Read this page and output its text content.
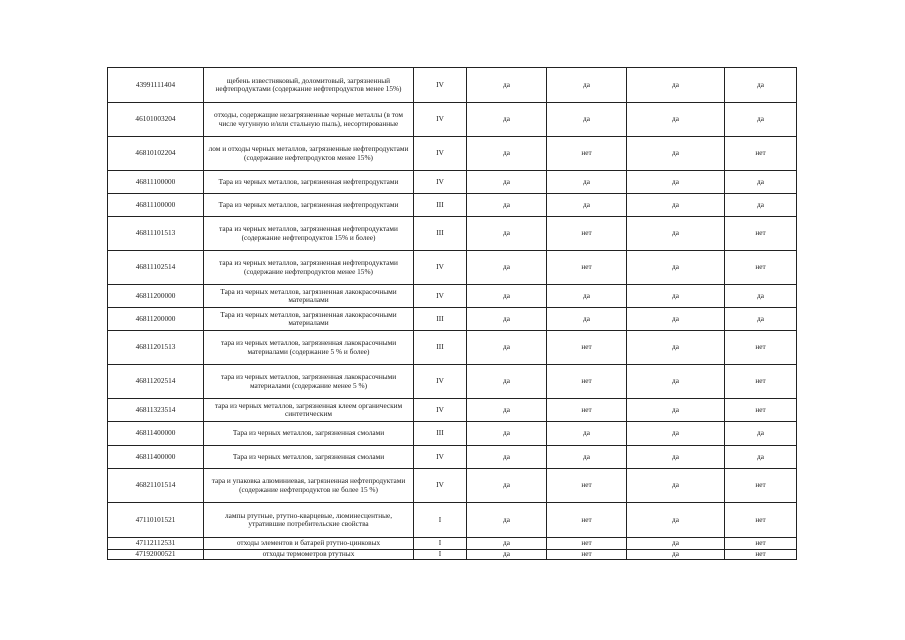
43991111404	щебень известняковый, доломитовый, загрязненный нефтепродуктами (содержание нефтепродуктов менее 15%)	IV	да	да	да	да
46101003204	отходы, содержащие незагрязненные черные металлы (в том числе чугунную и/или стальную пыль), несортированные	IV	да	да	да	да
46810102204	лом и отходы черных металлов, загрязненные нефтепродуктами (содержание нефтепродуктов менее 15%)	IV	да	нет	да	нет
46811100000	Тара из черных металлов, загрязненная нефтепродуктами	IV	да	да	да	да
46811100000	Тара из черных металлов, загрязненная нефтепродуктами	III	да	да	да	да
46811101513	тара из черных металлов, загрязненная нефтепродуктами (содержание нефтепродуктов 15% и более)	III	да	нет	да	нет
46811102514	тара из черных металлов, загрязненная нефтепродуктами (содержание нефтепродуктов менее 15%)	IV	да	нет	да	нет
46811200000	Тара из черных металлов, загрязненная лакокрасочными материалами	IV	да	да	да	да
46811200000	Тара из черных металлов, загрязненная лакокрасочными материалами	III	да	да	да	да
46811201513	тара из черных металлов, загрязненная лакокрасочными материалами (содержание 5 % и более)	III	да	нет	да	нет
46811202514	тара из черных металлов, загрязненная лакокрасочными материалами (содержание менее 5 %)	IV	да	нет	да	нет
46811323514	тара из черных металлов, загрязненная клеем органическим синтетическим	IV	да	нет	да	нет
46811400000	Тара из черных металлов, загрязненная смолами	III	да	да	да	да
46811400000	Тара из черных металлов, загрязненная смолами	IV	да	да	да	да
46821101514	тара и упаковка алюминиевая, загрязненная нефтепродуктами (содержание нефтепродуктов не более 15 %)	IV	да	нет	да	нет
47110101521	лампы ртутные, ртутно-кварцевые, люминесцентные, утратившие потребительские свойства	I	да	нет	да	нет
47112112531	отходы элементов и батарей ртутно-цинковых	I	да	нет	да	нет
47192000521	отходы термометров ртутных	I	да	нет	да	нет
